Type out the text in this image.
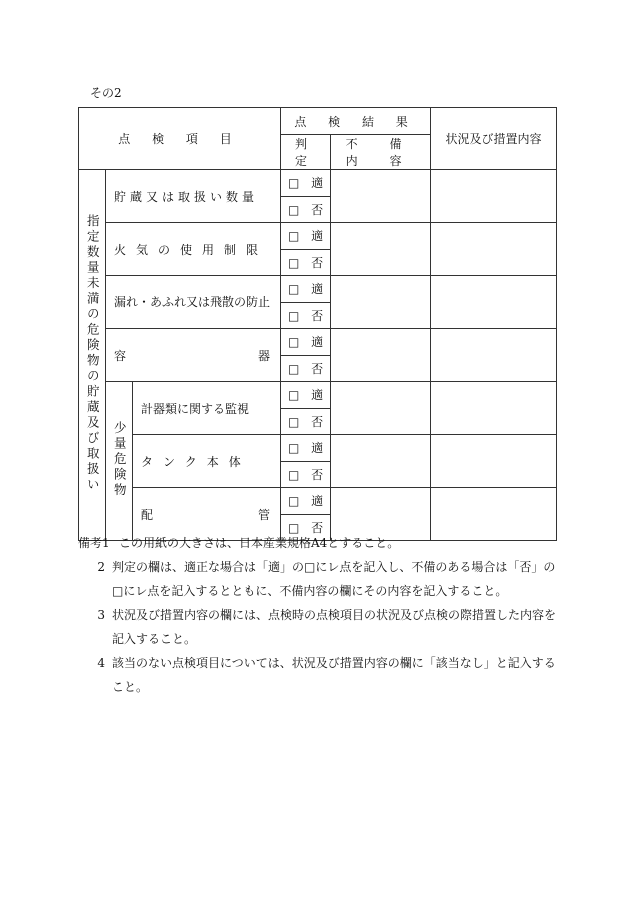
その2
点 検 項 目			点 検 結 果		状況及び措置内容
			判 定	不 備 内 容	
指定数量未満の危険物の貯蔵及び取扱い	貯蔵又は取扱い数量		□ 適		
			□ 否		
	火気の使用制限		□ 適		
			□ 否		
	漏れ・あふれ又は飛散の防止		□ 適		
			□ 否		

	容 器		□ 適		
			□ 否		
	少量危険物	計器類に関する監視	□ 適		
			□ 否		
		タンク本体	□ 適		
			□ 否		

		配 管	□ 適		
			□ 否		
備考1 この用紙の大きさは、日本産業規格A4とすること。
2 判定の欄は、適正な場合は「適」の□にレ点を記入し、不備のある場合は「否」の
□にレ点を記入するとともに、不備内容の欄にその内容を記入すること。
3 状況及び措置内容の欄には、点検時の点検項目の状況及び点検の際措置した内容を
記入すること。
4 該当のない点検項目については、状況及び措置内容の欄に「該当なし」と記入する
こと。
